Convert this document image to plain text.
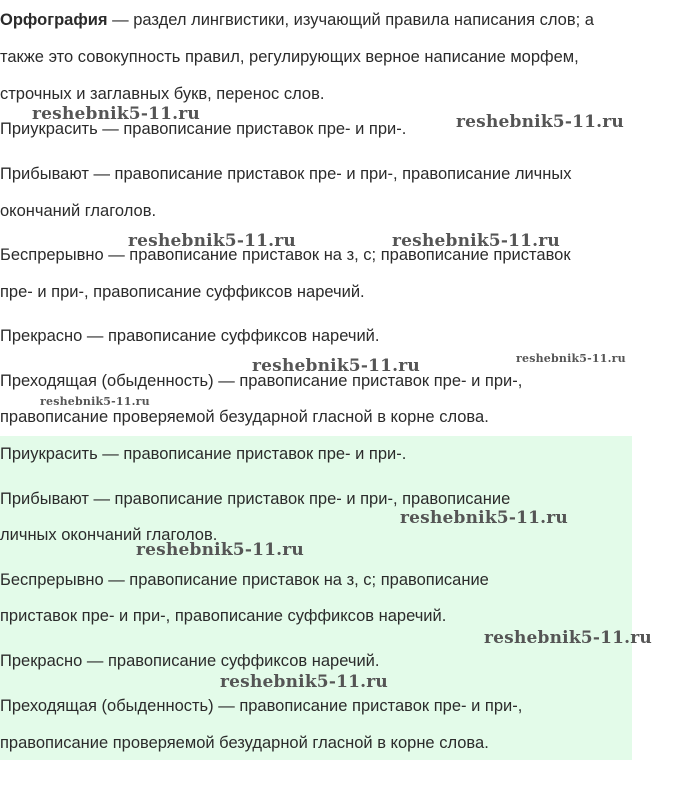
Орфография — раздел лингвистики, изучающий правила написания слов; а
также это совокупность правил, регулирующих верное написание морфем,
строчных и заглавных букв, перенос слов.
Приукрасить — правописание приставок пре- и при-.
Прибывают — правописание приставок пре- и при-, правописание личных
окончаний глаголов.
Беспрерывно — правописание приставок на з, с; правописание приставок
пре- и при-, правописание суффиксов наречий.
Прекрасно — правописание суффиксов наречий.
Преходящая (обыденность) — правописание приставок пре- и при-,
правописание проверяемой безударной гласной в корне слова.
Приукрасить — правописание приставок пре- и при-.
Прибывают — правописание приставок пре- и при-, правописание
личных окончаний глаголов.
Беспрерывно — правописание приставок на з, с; правописание
приставок пре- и при-, правописание суффиксов наречий.
Прекрасно — правописание суффиксов наречий.
Преходящая (обыденность) — правописание приставок пре- и при-,
правописание проверяемой безударной гласной в корне слова.
reshebnik5-11.ru	reshebnik5-11.ru
reshebnik5-11.ru	reshebnik5-11.ru
reshebnik5-11.ru	reshebnik5-11.ru
reshebnik5-11.ru
reshebnik5-11.ru
reshebnik5-11.ru
reshebnik5-11.ru
reshebnik5-11.ru
